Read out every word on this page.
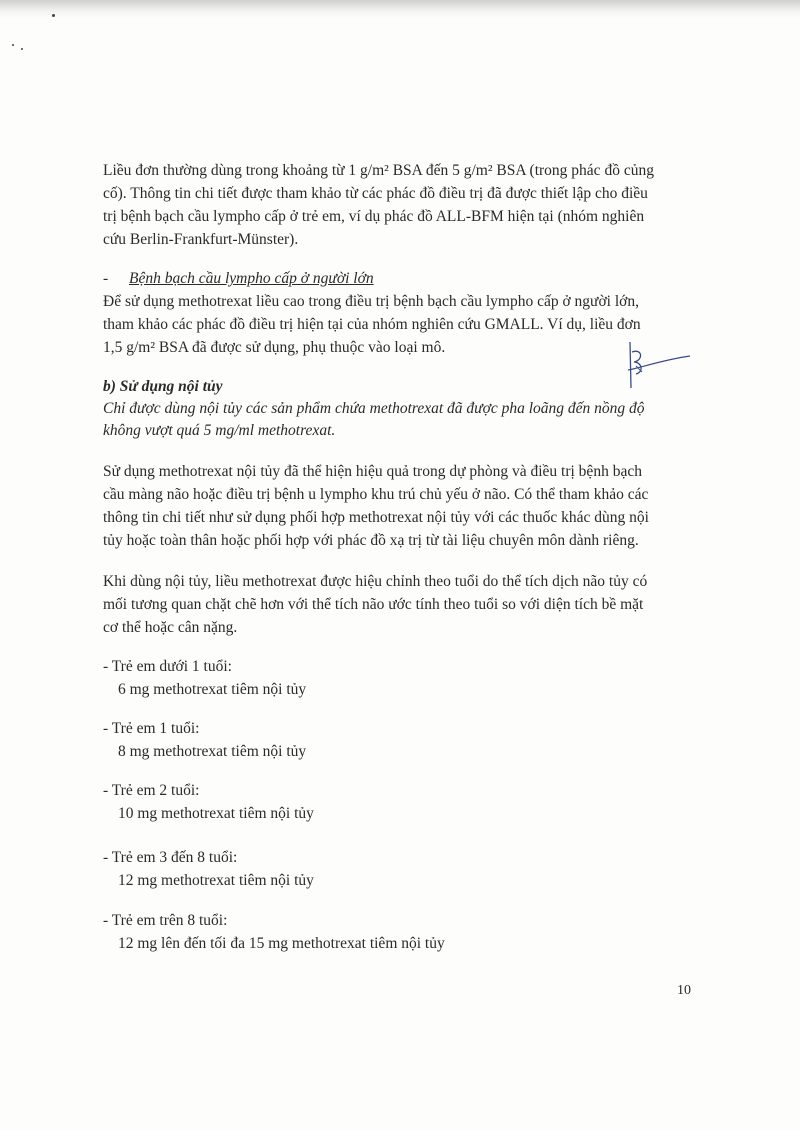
Liều đơn thường dùng trong khoảng từ 1 g/m² BSA đến 5 g/m² BSA (trong phác đồ củng
cố). Thông tin chi tiết được tham khảo từ các phác đồ điều trị đã được thiết lập cho điều
trị bệnh bạch cầu lympho cấp ở trẻ em, ví dụ phác đồ ALL-BFM hiện tại (nhóm nghiên
cứu Berlin-Frankfurt-Münster).
- Bệnh bạch cầu lympho cấp ở người lớn
Để sử dụng methotrexat liều cao trong điều trị bệnh bạch cầu lympho cấp ở người lớn,
tham khảo các phác đồ điều trị hiện tại của nhóm nghiên cứu GMALL. Ví dụ, liều đơn
1,5 g/m² BSA đã được sử dụng, phụ thuộc vào loại mô.
b) Sử dụng nội tủy
Chỉ được dùng nội tủy các sản phẩm chứa methotrexat đã được pha loãng đến nồng độ
không vượt quá 5 mg/ml methotrexat.
Sử dụng methotrexat nội tủy đã thể hiện hiệu quả trong dự phòng và điều trị bệnh bạch
cầu màng não hoặc điều trị bệnh u lympho khu trú chủ yếu ở não. Có thể tham khảo các
thông tin chi tiết như sử dụng phối hợp methotrexat nội tủy với các thuốc khác dùng nội
tủy hoặc toàn thân hoặc phối hợp với phác đồ xạ trị từ tài liệu chuyên môn dành riêng.
Khi dùng nội tủy, liều methotrexat được hiệu chỉnh theo tuổi do thể tích dịch não tủy có
mối tương quan chặt chẽ hơn với thể tích não ước tính theo tuổi so với diện tích bề mặt
cơ thể hoặc cân nặng.
- Trẻ em dưới 1 tuổi:
6 mg methotrexat tiêm nội tủy
- Trẻ em 1 tuổi:
8 mg methotrexat tiêm nội tủy
- Trẻ em 2 tuổi:
10 mg methotrexat tiêm nội tủy
- Trẻ em 3 đến 8 tuổi:
12 mg methotrexat tiêm nội tủy
- Trẻ em trên 8 tuổi:
12 mg lên đến tối đa 15 mg methotrexat tiêm nội tủy
10
